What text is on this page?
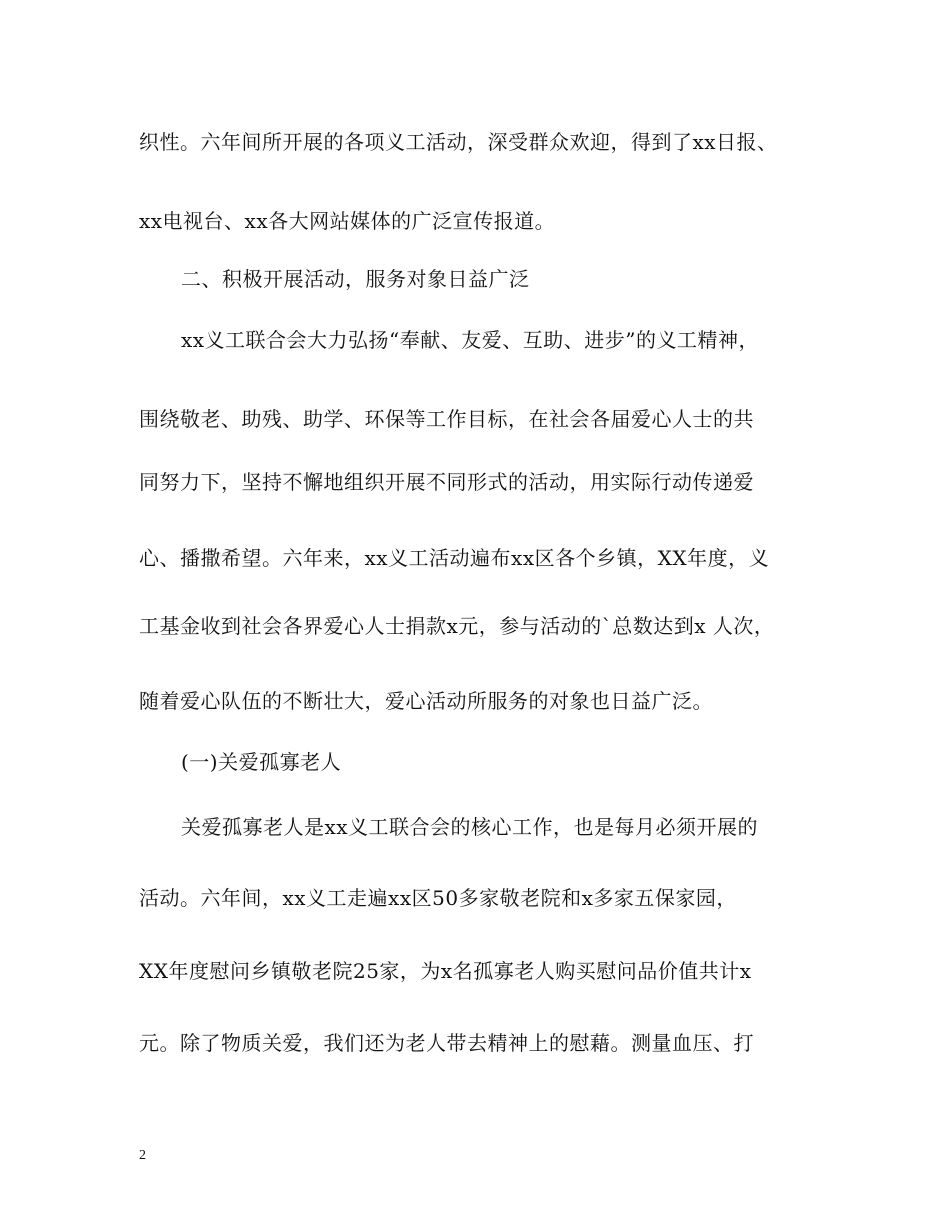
织性。六年间所开展的各项义工活动，深受群众欢迎，得到了xx日报、
xx电视台、xx各大网站媒体的广泛宣传报道。
二、积极开展活动，服务对象日益广泛
xx义工联合会大力弘扬“奉献、友爱、互助、进步”的义工精神，
围绕敬老、助残、助学、环保等工作目标，在社会各届爱心人士的共
同努力下，坚持不懈地组织开展不同形式的活动，用实际行动传递爱
心、播撒希望。六年来，xx义工活动遍布xx区各个乡镇，XX年度，义
工基金收到社会各界爱心人士捐款x元，参与活动的`总数达到x 人次，
随着爱心队伍的不断壮大，爱心活动所服务的对象也日益广泛。
(一)关爱孤寡老人
关爱孤寡老人是xx义工联合会的核心工作，也是每月必须开展的
活动。六年间，xx义工走遍xx区50多家敬老院和x多家五保家园，
XX年度慰问乡镇敬老院25家，为x名孤寡老人购买慰问品价值共计x
元。除了物质关爱，我们还为老人带去精神上的慰藉。测量血压、打
2
